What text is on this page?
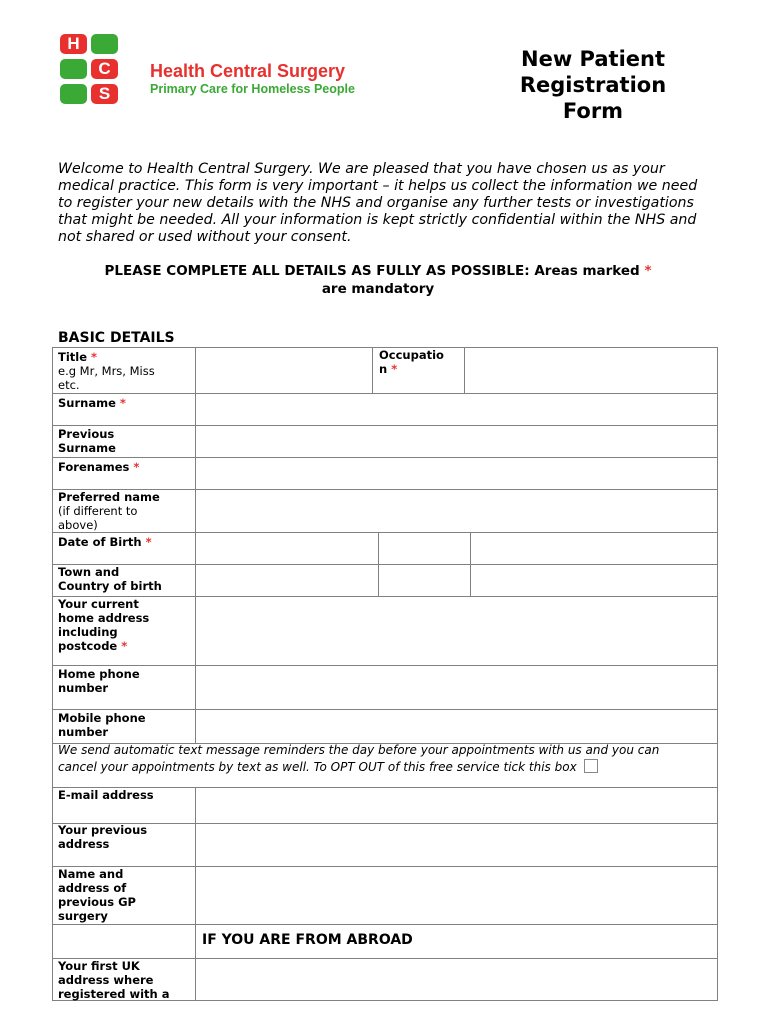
H
C
S
Health Central Surgery
Primary Care for Homeless People
New Patient
Registration
Form
Welcome to Health Central Surgery. We are pleased that you have chosen us as your medical practice. This form is very important – it helps us collect the information we need to register your new details with the NHS and organise any further tests or investigations that might be needed. All your information is kept strictly confidential within the NHS and not shared or used without your consent.
PLEASE COMPLETE ALL DETAILS AS FULLY AS POSSIBLE: Areas marked *
are mandatory
BASIC DETAILS
Title *
e.g Mr, Mrs, Miss
etc.
Occupatio
n *
Surname *
Previous
Surname
Forenames *
Preferred name
(if different to
above)
Date of Birth *
Town and
Country of birth
Your current
home address
including
postcode *
Home phone
number
Mobile phone
number
E-mail address
Your previous
address
Name and
address of
previous GP
surgery
Your first UK
address where
registered with a
We send automatic text message reminders the day before your appointments with us and you can
cancel your appointments by text as well. To OPT OUT of this free service tick this box
IF YOU ARE FROM ABROAD
